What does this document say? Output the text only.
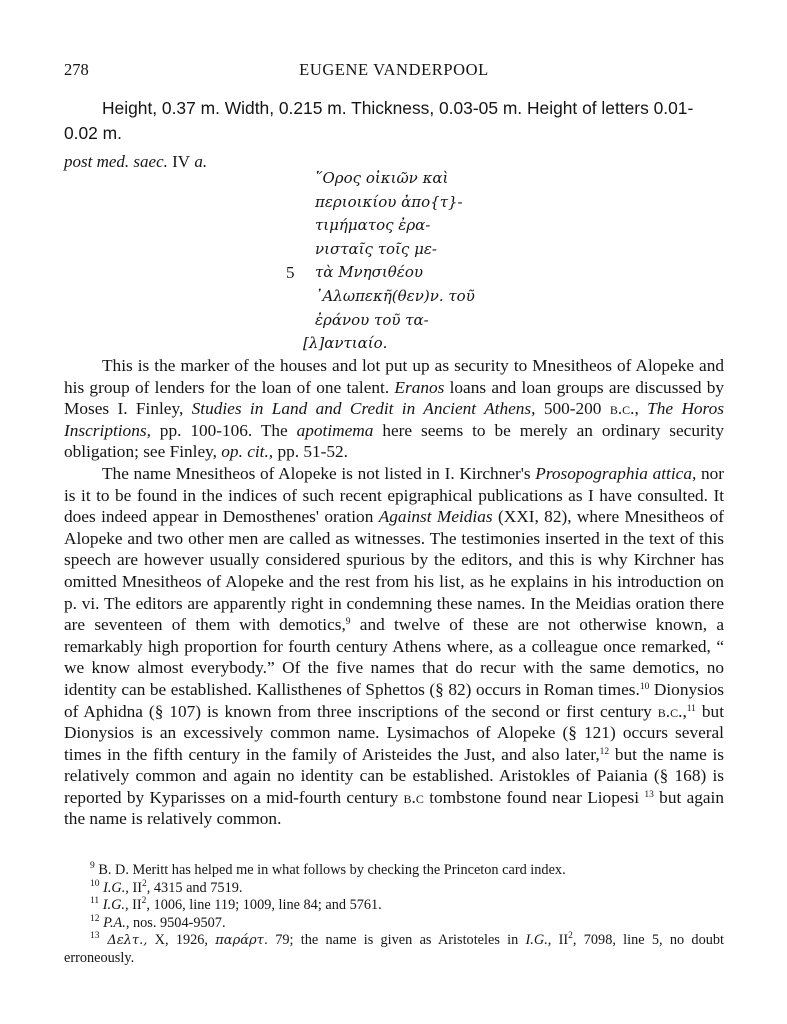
278	EUGENE VANDERPOOL
Height, 0.37 m. Width, 0.215 m. Thickness, 0.03-05 m. Height of letters 0.01-0.02 m.
post med. saec. IV a.
῞Ορος οἰκιῶν καὶ
περιοικίου ἀπο{τ}-
τιμήματος ἐρα-
νισταῖς τοῖς με-
5 τὰ Μνησιθέου
᾿Αλωπεκῆ(θεν)ν. τοῦ
ἐράνου τοῦ τα-
[λ]αντιαίο.

This is the marker of the houses and lot put up as security to Mnesitheos of Alopeke and his group of lenders for the loan of one talent. Eranos loans and loan groups are discussed by Moses I. Finley, Studies in Land and Credit in Ancient Athens, 500-200 b.c., The Horos Inscriptions, pp. 100-106. The apotimema here seems to be merely an ordinary security obligation; see Finley, op. cit., pp. 51-52.

The name Mnesitheos of Alopeke is not listed in I. Kirchner's Prosopographia attica, nor is it to be found in the indices of such recent epigraphical publications as I have consulted. It does indeed appear in Demosthenes' oration Against Meidias (XXI, 82), where Mnesitheos of Alopeke and two other men are called as witnesses. The testimonies inserted in the text of this speech are however usually considered spurious by the editors, and this is why Kirchner has omitted Mnesitheos of Alopeke and the rest from his list, as he explains in his introduction on p. vi. The editors are apparently right in condemning these names. In the Meidias oration there are seventeen of them with demotics,$^9$ and twelve of these are not otherwise known, a remarkably high proportion for fourth century Athens where, as a colleague once remarked, “ we know almost everybody.” Of the five names that do recur with the same demotics, no identity can be established. Kallisthenes of Sphettos (§ 82) occurs in Roman times.$^{10}$ Dionysios of Aphidna (§ 107) is known from three inscriptions of the second or first century b.c.,$^{11}$ but Dionysios is an excessively common name. Lysimachos of Alopeke (§ 121) occurs several times in the fifth century in the family of Aristeides the Just, and also later,$^{12}$ but the name is relatively common and again no identity can be established. Aristokles of Paiania (§ 168) is reported by Kyparisses on a mid-fourth century b.c tombstone found near Liopesi $^{13}$ but again the name is relatively common.

$^9$ B. D. Meritt has helped me in what follows by checking the Princeton card index.
$^{10}$ I.G., $II^2$, 4315 and 7519.
$^{11}$ I.G., $II^2$, 1006, line 119; 1009, line 84; and 5761.
$^{12}$ P.A., nos. 9504-9507.
$^{13}$ Δελτ., X, 1926, παράρτ. 79; the name is given as Aristoteles in I.G., $II^2$, 7098, line 5, no doubt erroneously.
